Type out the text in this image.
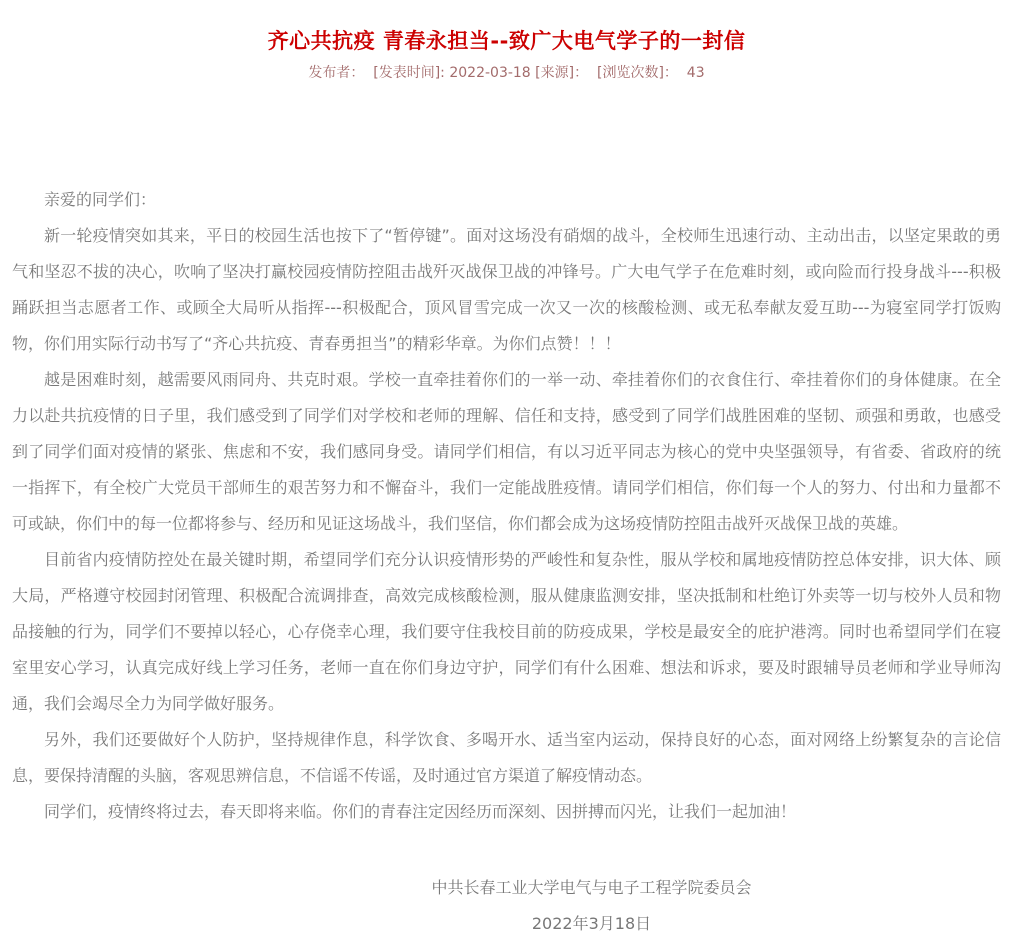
齐心共抗疫 青春永担当--致广大电气学子的一封信
发布者：  [发表时间]: 2022-03-18 [来源]：  [浏览次数]：  43

亲爱的同学们：

新一轮疫情突如其来，平日的校园生活也按下了“暂停键”。面对这场没有硝烟的战斗，全校师生迅速行动、主动出击，以坚定果敢的勇气和坚忍不拔的决心，吹响了坚决打赢校园疫情防控阻击战歼灭战保卫战的冲锋号。广大电气学子在危难时刻，或向险而行投身战斗---积极踊跃担当志愿者工作、或顾全大局听从指挥---积极配合，顶风冒雪完成一次又一次的核酸检测、或无私奉献友爱互助---为寝室同学打饭购物，你们用实际行动书写了“齐心共抗疫、青春勇担当”的精彩华章。为你们点赞！！！

越是困难时刻，越需要风雨同舟、共克时艰。学校一直牵挂着你们的一举一动、牵挂着你们的衣食住行、牵挂着你们的身体健康。在全力以赴共抗疫情的日子里，我们感受到了同学们对学校和老师的理解、信任和支持，感受到了同学们战胜困难的坚韧、顽强和勇敢，也感受到了同学们面对疫情的紧张、焦虑和不安，我们感同身受。请同学们相信，有以习近平同志为核心的党中央坚强领导，有省委、省政府的统一指挥下，有全校广大党员干部师生的艰苦努力和不懈奋斗，我们一定能战胜疫情。请同学们相信，你们每一个人的努力、付出和力量都不可或缺，你们中的每一位都将参与、经历和见证这场战斗，我们坚信，你们都会成为这场疫情防控阻击战歼灭战保卫战的英雄。

目前省内疫情防控处在最关键时期，希望同学们充分认识疫情形势的严峻性和复杂性，服从学校和属地疫情防控总体安排，识大体、顾大局，严格遵守校园封闭管理、积极配合流调排查，高效完成核酸检测，服从健康监测安排，坚决抵制和杜绝订外卖等一切与校外人员和物品接触的行为，同学们不要掉以轻心，心存侥幸心理，我们要守住我校目前的防疫成果，学校是最安全的庇护港湾。同时也希望同学们在寝室里安心学习，认真完成好线上学习任务，老师一直在你们身边守护，同学们有什么困难、想法和诉求，要及时跟辅导员老师和学业导师沟通，我们会竭尽全力为同学做好服务。

另外，我们还要做好个人防护，坚持规律作息，科学饮食、多喝开水、适当室内运动，保持良好的心态，面对网络上纷繁复杂的言论信息，要保持清醒的头脑，客观思辨信息，不信谣不传谣，及时通过官方渠道了解疫情动态。

同学们，疫情终将过去，春天即将来临。你们的青春注定因经历而深刻、因拼搏而闪光，让我们一起加油！

中共长春工业大学电气与电子工程学院委员会

2022年3月18日
